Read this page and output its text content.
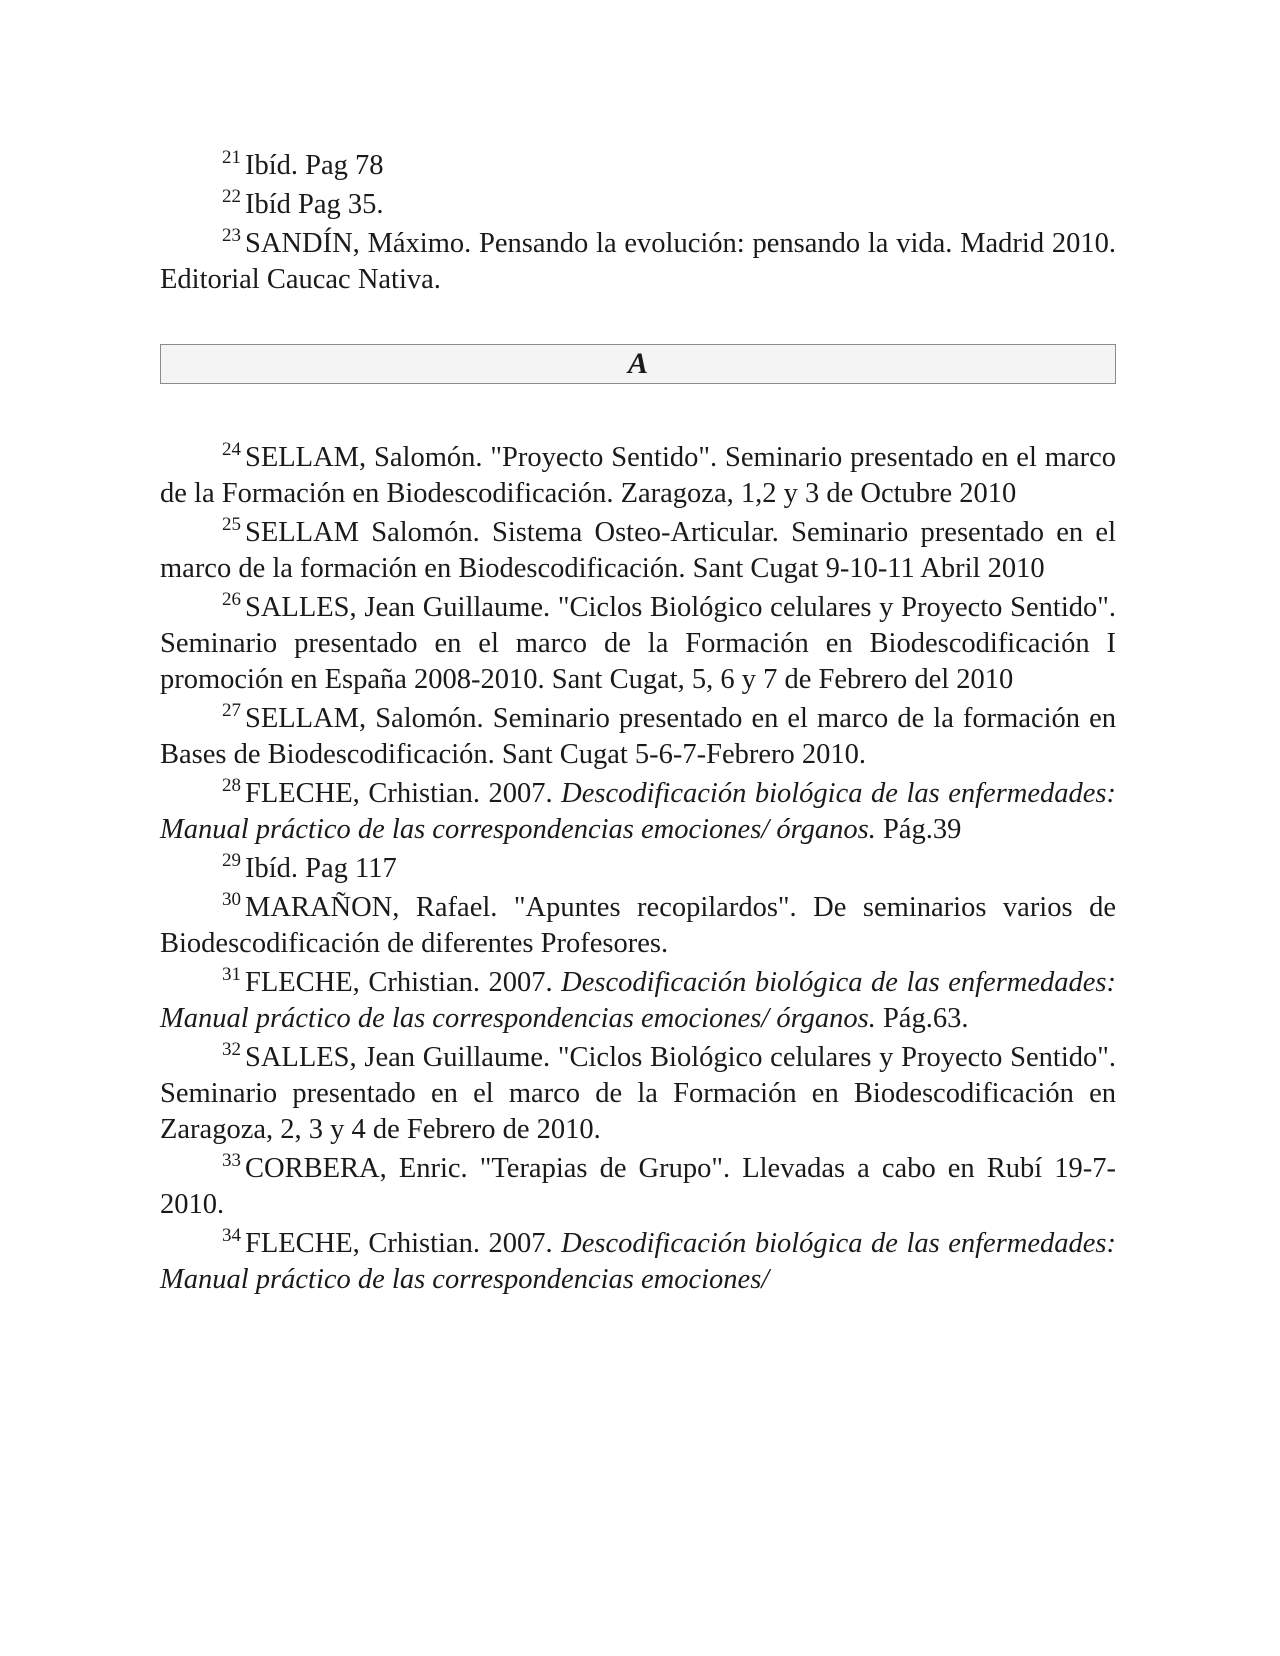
$^{21}$ Ibíd. Pag 78

$^{22}$ Ibíd Pag 35.

$^{23}$ SANDÍN, Máximo. Pensando la evolución: pensando la vida. Madrid 2010. Editorial Caucac Nativa.

A

$^{24}$ SELLAM, Salomón. "Proyecto Sentido". Seminario presentado en el marco de la Formación en Biodescodificación. Zaragoza, 1,2 y 3 de Octubre 2010

$^{25}$ SELLAM Salomón. Sistema Osteo-Articular. Seminario presentado en el marco de la formación en Biodescodificación. Sant Cugat 9-10-11 Abril 2010

$^{26}$ SALLES, Jean Guillaume. "Ciclos Biológico celulares y Proyecto Sentido". Seminario presentado en el marco de la Formación en Biodescodificación I promoción en España 2008-2010. Sant Cugat, 5, 6 y 7 de Febrero del 2010

$^{27}$ SELLAM, Salomón. Seminario presentado en el marco de la formación en Bases de Biodescodificación. Sant Cugat 5-6-7-Febrero 2010.

$^{28}$ FLECHE, Crhistian. 2007. Descodificación biológica de las enfermedades: Manual práctico de las correspondencias emociones/ órganos. Pág.39

$^{29}$ Ibíd. Pag 117

$^{30}$ MARAÑON, Rafael. "Apuntes recopilardos". De seminarios varios de Biodescodificación de diferentes Profesores.

$^{31}$ FLECHE, Crhistian. 2007. Descodificación biológica de las enfermedades: Manual práctico de las correspondencias emociones/ órganos. Pág.63.

$^{32}$ SALLES, Jean Guillaume. "Ciclos Biológico celulares y Proyecto Sentido". Seminario presentado en el marco de la Formación en Biodescodificación en Zaragoza, 2, 3 y 4 de Febrero de 2010.

$^{33}$ CORBERA, Enric. "Terapias de Grupo". Llevadas a cabo en Rubí 19-7-2010.

$^{34}$ FLECHE, Crhistian. 2007. Descodificación biológica de las enfermedades: Manual práctico de las correspondencias emociones/
